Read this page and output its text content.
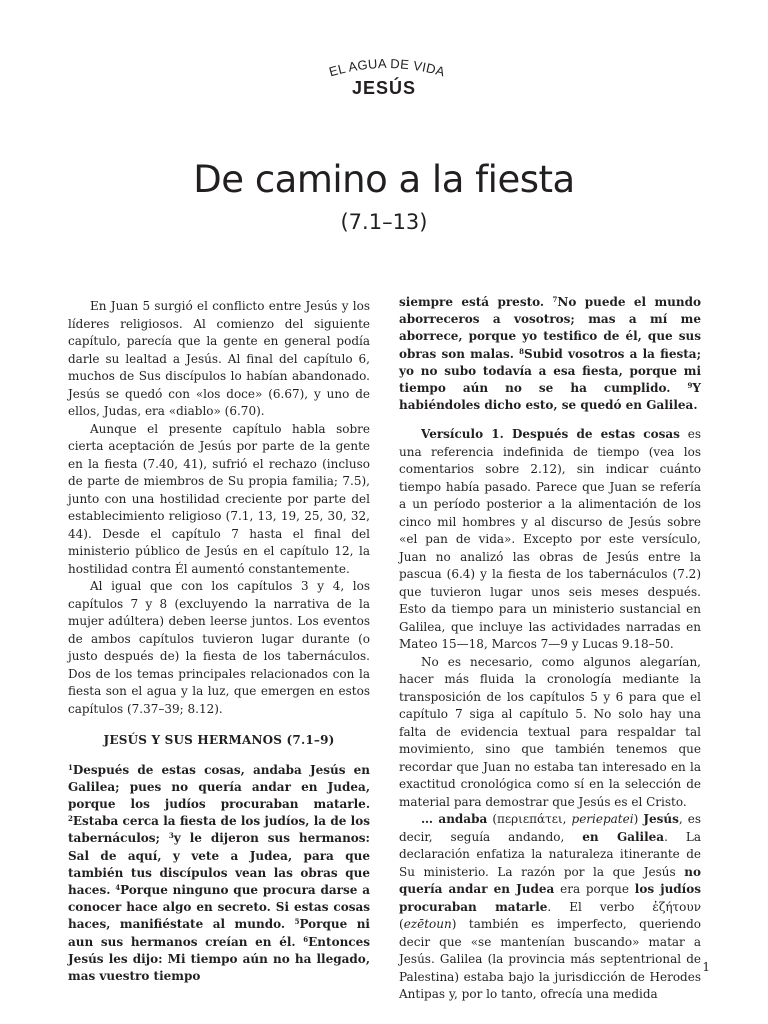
EL AGUA DE VIDA
JESÚS
De camino a la fiesta
(7.1–13)

En Juan 5 surgió el conflicto entre Jesús y los líderes religiosos. Al comienzo del siguiente capítulo, parecía que la gente en general podía darle su lealtad a Jesús. Al final del capítulo 6, muchos de Sus discípulos lo habían abandonado. Jesús se quedó con «los doce» (6.67), y uno de ellos, Judas, era «diablo» (6.70).

Aunque el presente capítulo habla sobre cierta aceptación de Jesús por parte de la gente en la fiesta (7.40, 41), sufrió el rechazo (incluso de parte de miembros de Su propia familia; 7.5), junto con una hostilidad creciente por parte del establecimiento religioso (7.1, 13, 19, 25, 30, 32, 44). Desde el capítulo 7 hasta el final del ministerio público de Jesús en el capítulo 12, la hostilidad contra Él aumentó constantemente.

Al igual que con los capítulos 3 y 4, los capítulos 7 y 8 (excluyendo la narrativa de la mujer adúltera) deben leerse juntos. Los eventos de ambos capítulos tuvieron lugar durante (o justo después de) la fiesta de los tabernáculos. Dos de los temas principales relacionados con la fiesta son el agua y la luz, que emergen en estos capítulos (7.37–39; 8.12).

JESÚS Y SUS HERMANOS (7.1–9)

$^1$Después de estas cosas, andaba Jesús en Galilea; pues no quería andar en Judea, porque los judíos procuraban matarle. $^2$Estaba cerca la fiesta de los judíos, la de los tabernáculos; $^3$y le dijeron sus hermanos: Sal de aquí, y vete a Judea, para que también tus discípulos vean las obras que haces. $^4$Porque ninguno que procura darse a conocer hace algo en secreto. Si estas cosas haces, manifiéstate al mundo. $^5$Porque ni aun sus hermanos creían en él. $^6$Entonces Jesús les dijo: Mi tiempo aún no ha llegado, mas vuestro tiempo

siempre está presto. $^7$No puede el mundo aborreceros a vosotros; mas a mí me aborrece, porque yo testifico de él, que sus obras son malas. $^8$Subid vosotros a la fiesta; yo no subo todavía a esa fiesta, porque mi tiempo aún no se ha cumplido. $^9$Y habiéndoles dicho esto, se quedó en Galilea.

Versículo 1. Después de estas cosas es una referencia indefinida de tiempo (vea los comentarios sobre 2.12), sin indicar cuánto tiempo había pasado. Parece que Juan se refería a un período posterior a la alimentación de los cinco mil hombres y al discurso de Jesús sobre «el pan de vida». Excepto por este versículo, Juan no analizó las obras de Jesús entre la pascua (6.4) y la fiesta de los tabernáculos (7.2) que tuvieron lugar unos seis meses después. Esto da tiempo para un ministerio sustancial en Galilea, que incluye las actividades narradas en Mateo 15—18, Marcos 7—9 y Lucas 9.18–50.

No es necesario, como algunos alegarían, hacer más fluida la cronología mediante la transposición de los capítulos 5 y 6 para que el capítulo 7 siga al capítulo 5. No solo hay una falta de evidencia textual para respaldar tal movimiento, sino que también tenemos que recordar que Juan no estaba tan interesado en la exactitud cronológica como sí en la selección de material para demostrar que Jesús es el Cristo.

… andaba (περιεπάτει, periepatei) Jesús, es decir, seguía andando, en Galilea. La declaración enfatiza la naturaleza itinerante de Su ministerio. La razón por la que Jesús no quería andar en Judea era porque los judíos procuraban matarle. El verbo ἐζήτουν (ezētoun) también es imperfecto, queriendo decir que «se mantenían buscando» matar a Jesús. Galilea (la provincia más septentrional de Palestina) estaba bajo la jurisdicción de Herodes Antipas y, por lo tanto, ofrecía una medida

1
